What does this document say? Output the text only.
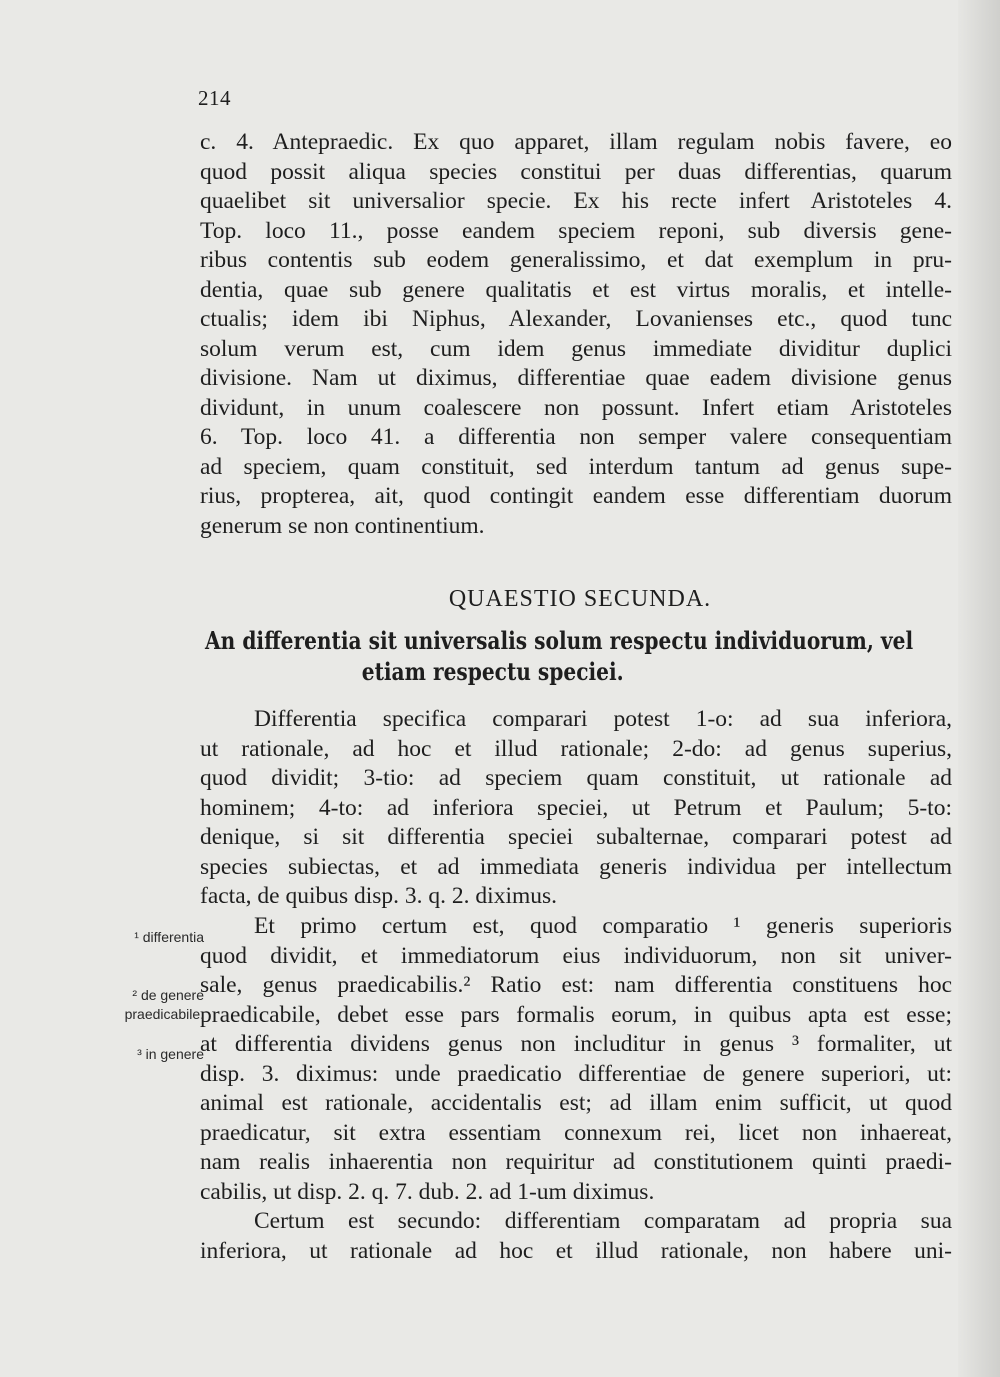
214
c. 4. Antepraedic. Ex quo apparet, illam regulam nobis favere, eo
quod possit aliqua species constitui per duas differentias, quarum
quaelibet sit universalior specie. Ex his recte infert Aristoteles 4.
Top. loco 11., posse eandem speciem reponi, sub diversis gene-
ribus contentis sub eodem generalissimo, et dat exemplum in pru-
dentia, quae sub genere qualitatis et est virtus moralis, et intelle-
ctualis; idem ibi Niphus, Alexander, Lovanienses etc., quod tunc
solum verum est, cum idem genus immediate dividitur duplici
divisione. Nam ut diximus, differentiae quae eadem divisione genus
dividunt, in unum coalescere non possunt. Infert etiam Aristoteles
6. Top. loco 41. a differentia non semper valere consequentiam
ad speciem, quam constituit, sed interdum tantum ad genus supe-
rius, propterea, ait, quod contingit eandem esse differentiam duorum
generum se non continentium.
QUAESTIO SECUNDA.
An differentia sit universalis solum respectu individuorum, vel
etiam respectu speciei.
Differentia specifica comparari potest 1-o: ad sua inferiora,
ut rationale, ad hoc et illud rationale; 2-do: ad genus superius,
quod dividit; 3-tio: ad speciem quam constituit, ut rationale ad
hominem; 4-to: ad inferiora speciei, ut Petrum et Paulum; 5-to:
denique, si sit differentia speciei subalternae, comparari potest ad
species subiectas, et ad immediata generis individua per intellectum
facta, de quibus disp. 3. q. 2. diximus.
Et primo certum est, quod comparatio ¹ generis superioris
quod dividit, et immediatorum eius individuorum, non sit univer-
sale, genus praedicabilis.² Ratio est: nam differentia constituens hoc
praedicabile, debet esse pars formalis eorum, in quibus apta est esse;
at differentia dividens genus non includitur in genus ³ formaliter, ut
disp. 3. diximus: unde praedicatio differentiae de genere superiori, ut:
animal est rationale, accidentalis est; ad illam enim sufficit, ut quod
praedicatur, sit extra essentiam connexum rei, licet non inhaereat,
nam realis inhaerentia non requiritur ad constitutionem quinti praedi-
cabilis, ut disp. 2. q. 7. dub. 2. ad 1-um diximus.
Certum est secundo: differentiam comparatam ad propria sua
inferiora, ut rationale ad hoc et illud rationale, non habere uni-
¹ differentia
² de genere
praedicabile.
³ in genere
